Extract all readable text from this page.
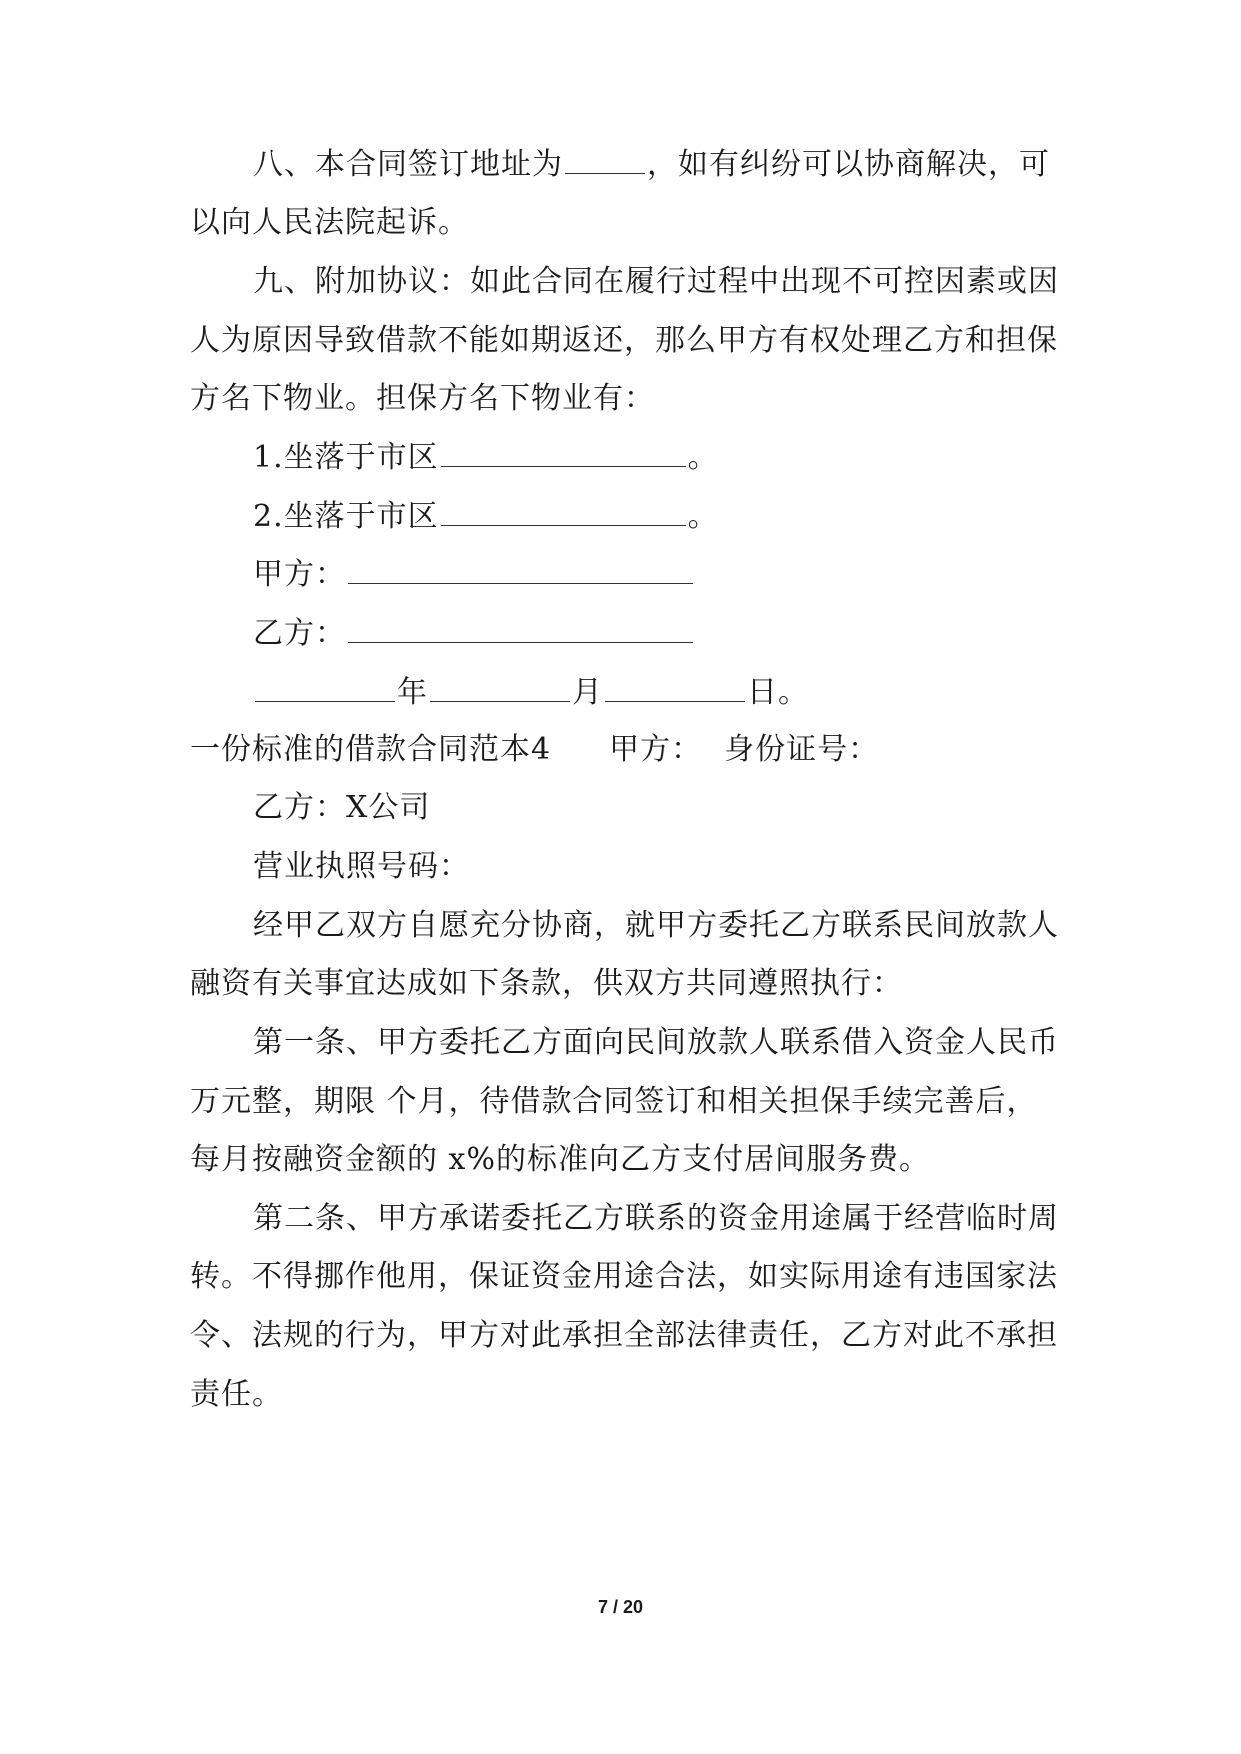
八、本合同签订地址为	，如有纠纷可以协商解决，可
以向人民法院起诉。
九、附加协议：如此合同在履行过程中出现不可控因素或因
人为原因导致借款不能如期返还，那么甲方有权处理乙方和担保
方名下物业。担保方名下物业有：
1.坐落于市区	。
2.坐落于市区	。
甲方：
乙方：
年	月	日。
一份标准的借款合同范本4 甲方： 身份证号：
乙方：X公司
营业执照号码：
经甲乙双方自愿充分协商，就甲方委托乙方联系民间放款人
融资有关事宜达成如下条款，供双方共同遵照执行：
第一条、甲方委托乙方面向民间放款人联系借入资金人民币
万元整，期限 个月，待借款合同签订和相关担保手续完善后，
每月按融资金额的 x%的标准向乙方支付居间服务费。
第二条、甲方承诺委托乙方联系的资金用途属于经营临时周
转。不得挪作他用，保证资金用途合法，如实际用途有违国家法
令、法规的行为，甲方对此承担全部法律责任，乙方对此不承担
责任。
7 / 20
